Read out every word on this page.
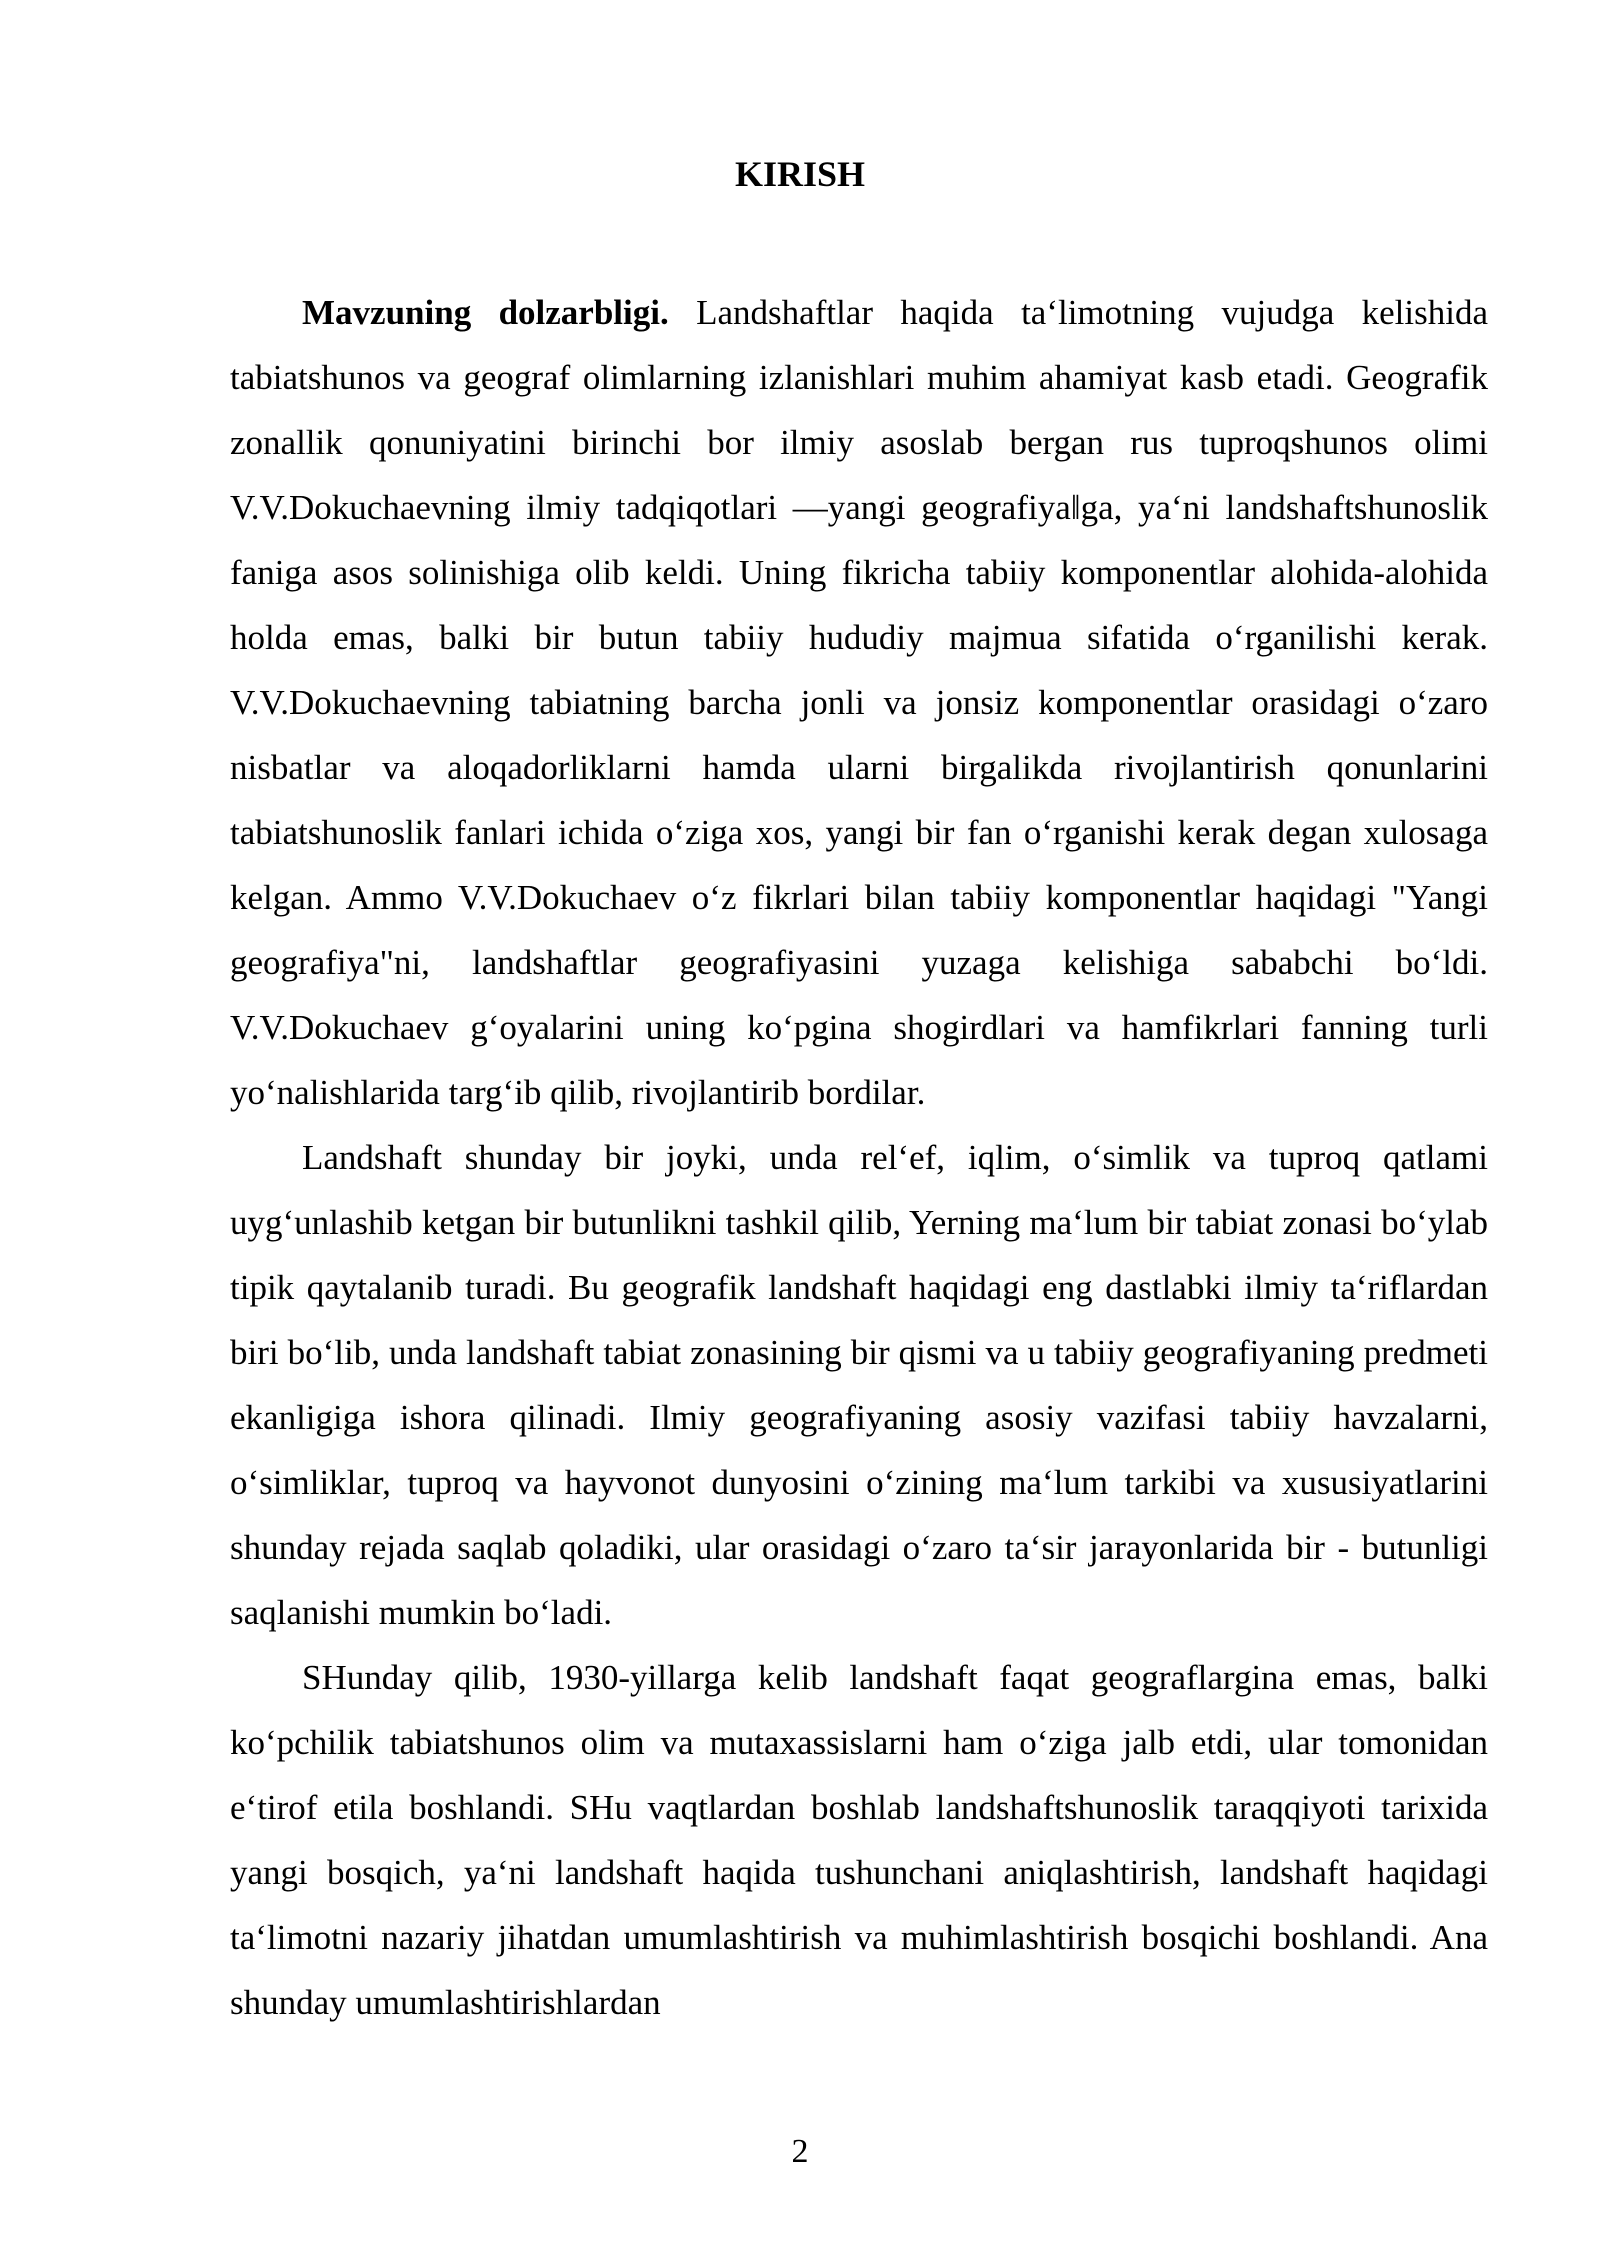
KIRISH

Mavzuning dolzarbligi. Landshaftlar haqida ta‘limotning vujudga kelishida tabiatshunos va geograf olimlarning izlanishlari muhim ahamiyat kasb etadi. Geografik zonallik qonuniyatini birinchi bor ilmiy asoslab bergan rus tuproqshunos olimi V.V.Dokuchaevning ilmiy tadqiqotlari ―yangi geografiya‖ga, ya‘ni landshaftshunoslik faniga asos solinishiga olib keldi. Uning fikricha tabiiy komponentlar alohida-alohida holda emas, balki bir butun tabiiy hududiy majmua sifatida o‘rganilishi kerak. V.V.Dokuchaevning tabiatning barcha jonli va jonsiz komponentlar orasidagi o‘zaro nisbatlar va aloqadorliklarni hamda ularni birgalikda rivojlantirish qonunlarini tabiatshunoslik fanlari ichida o‘ziga xos, yangi bir fan o‘rganishi kerak degan xulosaga kelgan. Ammo V.V.Dokuchaev o‘z fikrlari bilan tabiiy komponentlar haqidagi "Yangi geografiya"ni, landshaftlar geografiyasini yuzaga kelishiga sababchi bo‘ldi. V.V.Dokuchaev g‘oyalarini uning ko‘pgina shogirdlari va hamfikrlari fanning turli yo‘nalishlarida targ‘ib qilib, rivojlantirib bordilar.

Landshaft shunday bir joyki, unda rel‘ef, iqlim, o‘simlik va tuproq qatlami uyg‘unlashib ketgan bir butunlikni tashkil qilib, Yerning ma‘lum bir tabiat zonasi bo‘ylab tipik qaytalanib turadi. Bu geografik landshaft haqidagi eng dastlabki ilmiy ta‘riflardan biri bo‘lib, unda landshaft tabiat zonasining bir qismi va u tabiiy geografiyaning predmeti ekanligiga ishora qilinadi. Ilmiy geografiyaning asosiy vazifasi tabiiy havzalarni, o‘simliklar, tuproq va hayvonot dunyosini o‘zining ma‘lum tarkibi va xususiyatlarini shunday rejada saqlab qoladiki, ular orasidagi o‘zaro ta‘sir jarayonlarida bir - butunligi saqlanishi mumkin bo‘ladi.

SHunday qilib, 1930-yillarga kelib landshaft faqat geograflargina emas, balki ko‘pchilik tabiatshunos olim va mutaxassislarni ham o‘ziga jalb etdi, ular tomonidan e‘tirof etila boshlandi. SHu vaqtlardan boshlab landshaftshunoslik taraqqiyoti tarixida yangi bosqich, ya‘ni landshaft haqida tushunchani aniqlashtirish, landshaft haqidagi ta‘limotni nazariy jihatdan umumlashtirish va muhimlashtirish bosqichi boshlandi. Ana shunday umumlashtirishlardan

2
